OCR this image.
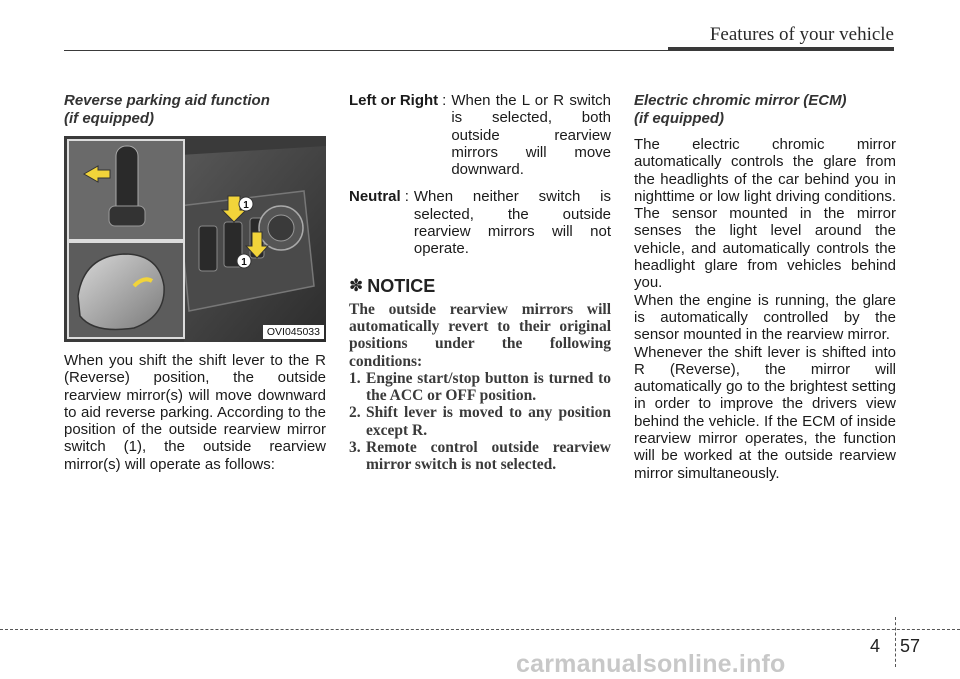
Features of your vehicle
Reverse parking aid function
(if equipped)
1
1
OVI045033

When you shift the shift lever to the R (Reverse) position, the outside rearview mirror(s) will move downward to aid reverse parking. According to the position of the outside rearview mirror switch (1), the outside rearview mirror(s) will operate as follows:

Left or Right : When the L or R switch is selected, both outside rearview mirrors will move downward.
Neutral : When neither switch is selected, the outside rearview mirrors will not operate.
✽ NOTICE

The outside rearview mirrors will automatically revert to their original positions under the following conditions:

1. Engine start/stop button is turned to the ACC or OFF position.
2. Shift lever is moved to any position except R.
3. Remote control outside rearview mirror switch is not selected.
Electric chromic mirror (ECM)
(if equipped)

The electric chromic mirror automatically controls the glare from the headlights of the car behind you in nighttime or low light driving conditions. The sensor mounted in the mirror senses the light level around the vehicle, and automatically controls the headlight glare from vehicles behind you.

When the engine is running, the glare is automatically controlled by the sensor mounted in the rearview mirror.

Whenever the shift lever is shifted into R (Reverse), the mirror will automatically go to the brightest setting in order to improve the drivers view behind the vehicle. If the ECM of inside rearview mirror operates, the function will be worked at the outside rearview mirror simultaneously.

4 57
carmanualsonline.info
